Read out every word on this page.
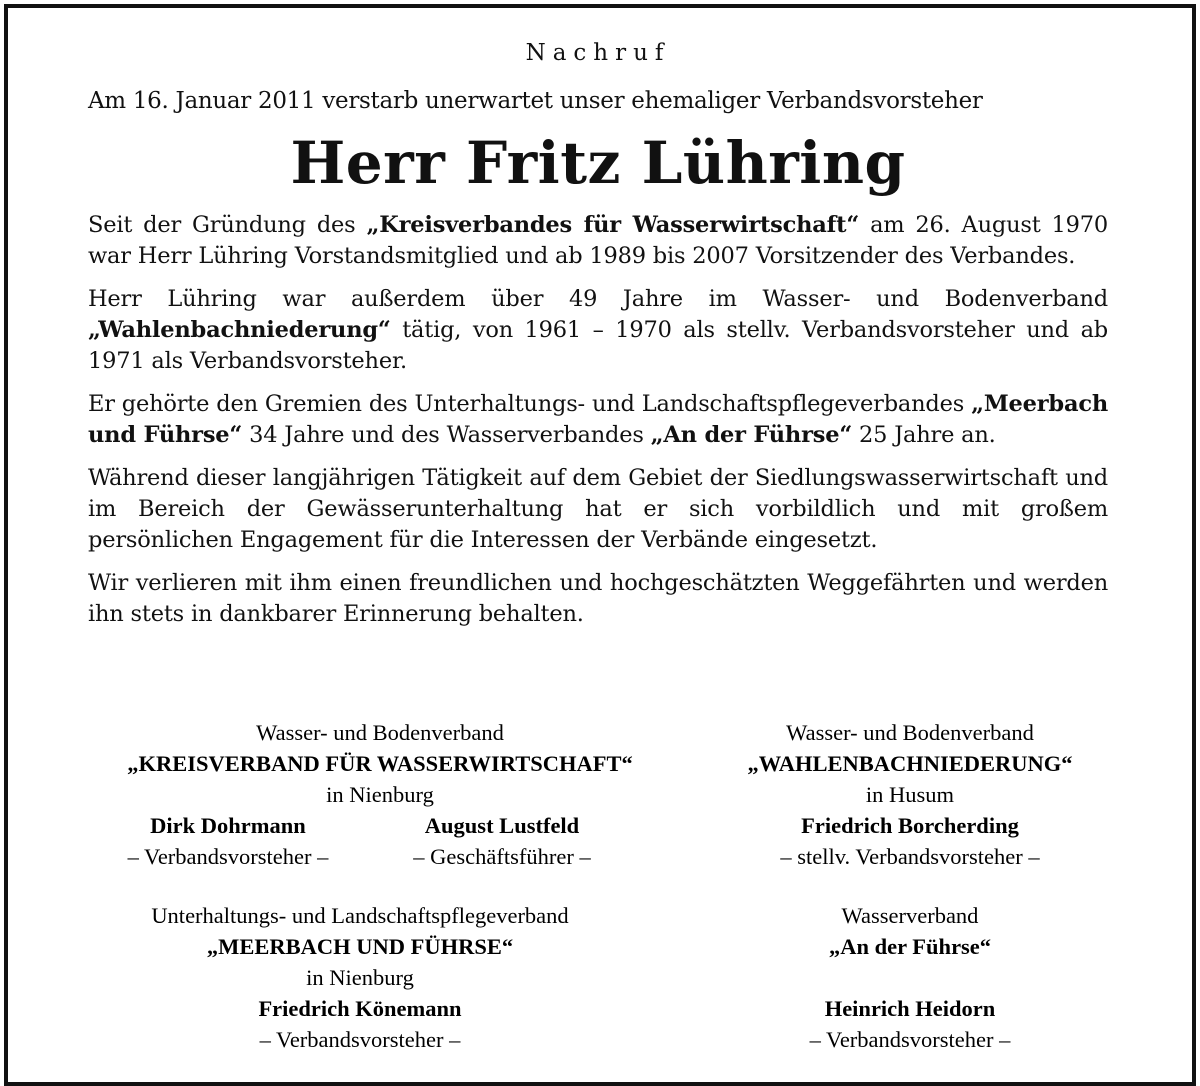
Nachruf

Am 16. Januar 2011 verstarb unerwartet unser ehemaliger Verbandsvorsteher

Herr Fritz Lühring

Seit der Gründung des „Kreisverbandes für Wasserwirtschaft“ am 26. August 1970 war Herr Lühring Vorstandsmitglied und ab 1989 bis 2007 Vorsitzender des Verbandes.

Herr Lühring war außerdem über 49 Jahre im Wasser- und Bodenverband „Wahlenbachniederung“ tätig, von 1961 – 1970 als stellv. Verbandsvorsteher und ab 1971 als Verbandsvorsteher.

Er gehörte den Gremien des Unterhaltungs- und Landschaftspflegeverbandes „Meerbach und Führse“ 34 Jahre und des Wasserverbandes „An der Führse“ 25 Jahre an.

Während dieser langjährigen Tätigkeit auf dem Gebiet der Siedlungswasserwirtschaft und im Bereich der Gewässerunterhaltung hat er sich vorbildlich und mit großem persönlichen Engagement für die Interessen der Verbände eingesetzt.

Wir verlieren mit ihm einen freundlichen und hochgeschätzten Weggefährten und werden ihn stets in dankbarer Erinnerung behalten.

Wasser- und Bodenverband
„KREISVERBAND FÜR WASSERWIRTSCHAFT“
in Nienburg
Dirk Dohrmann
– Verbandsvorsteher –
August Lustfeld
– Geschäftsführer –
Wasser- und Bodenverband
„WAHLENBACHNIEDERUNG“
in Husum
Friedrich Borcherding
– stellv. Verbandsvorsteher –
Unterhaltungs- und Landschaftspflegeverband
„MEERBACH UND FÜHRSE“
in Nienburg
Friedrich Könemann
– Verbandsvorsteher –
Wasserverband
„An der Führse“
Heinrich Heidorn
– Verbandsvorsteher –
